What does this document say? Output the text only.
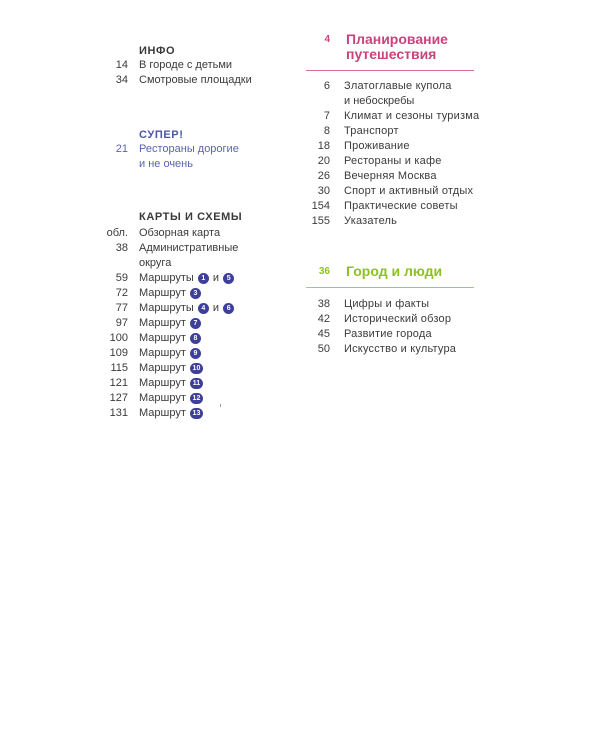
ИНФО
14	В городе с детьми
34	Смотровые площадки
СУПЕР!
21	Рестораны дорогие
и не очень
КАРТЫ И СХЕМЫ
обл.	Обзорная карта
38	Административные
округа
59	Маршруты 1 и 5
72	Маршрут 3
77	Маршруты 4 и 6
97	Маршрут 7
100	Маршрут 8
109	Маршрут 9
115	Маршрут 10
121	Маршрут 11
127	Маршрут 12
131	Маршрут 13
4	Планирование
путешествия
6	Златоглавые купола
и небоскребы
7	Климат и сезоны туризма
8	Транспорт
18	Проживание
20	Рестораны и кафе
26	Вечерняя Москва
30	Спорт и активный отдых
154	Практические советы
155	Указатель
36	Город и люди
38	Цифры и факты
42	Исторический обзор
45	Развитие города
50	Искусство и культура
